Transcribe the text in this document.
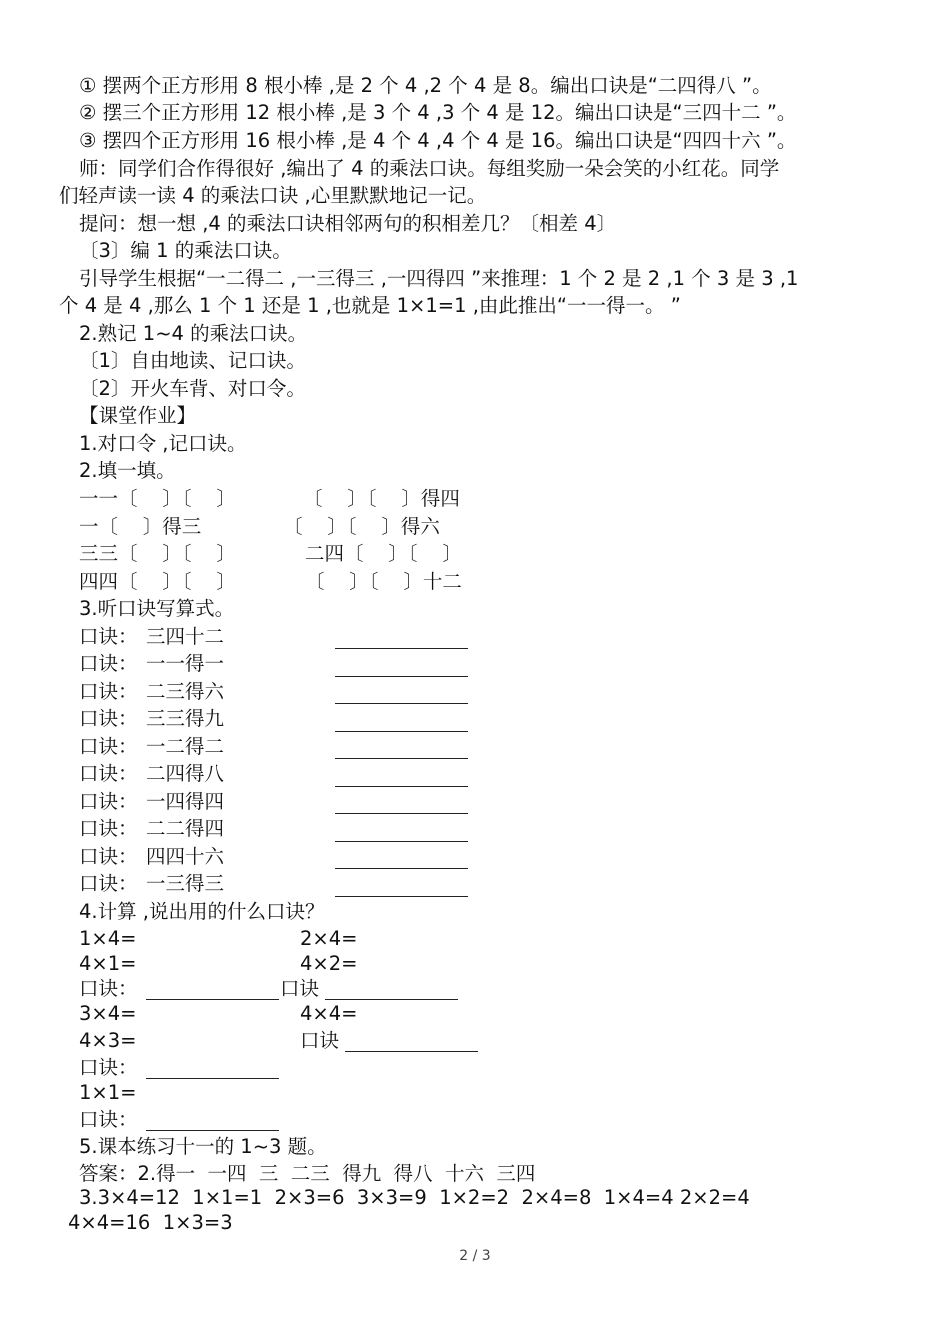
① 摆两个正方形用 8 根小棒 ,是 2 个 4 ,2 个 4 是 8。编出口诀是“二四得八 ”。
② 摆三个正方形用 12 根小棒 ,是 3 个 4 ,3 个 4 是 12。编出口诀是“三四十二 ”。
③ 摆四个正方形用 16 根小棒 ,是 4 个 4 ,4 个 4 是 16。编出口诀是“四四十六 ”。
师：同学们合作得很好 ,编出了 4 的乘法口诀。每组奖励一朵会笑的小红花。同学
们轻声读一读 4 的乘法口诀 ,心里默默地记一记。
提问：想一想 ,4 的乘法口诀相邻两句的积相差几？〔相差 4〕
〔3〕编 1 的乘法口诀。
引导学生根据“一二得二 ,一三得三 ,一四得四 ”来推理：1 个 2 是 2 ,1 个 3 是 3 ,1
个 4 是 4 ,那么 1 个 1 还是 1 ,也就是 1×1=1 ,由此推出“一一得一。 ”
2.熟记 1~4 的乘法口诀。
〔1〕自由地读、记口诀。
〔2〕开火车背、对口令。
【课堂作业】
1.对口令 ,记口诀。
2.填一填。
一一〔    〕〔    〕	〔    〕〔    〕得四
一〔    〕得三	〔    〕〔    〕得六
三三〔    〕〔    〕	二四〔    〕〔    〕
四四〔    〕〔    〕	〔    〕〔    〕十二
3.听口诀写算式。
口诀： 三四十二
口诀： 一一得一
口诀： 二三得六
口诀： 三三得九
口诀： 一二得二
口诀： 二四得八
口诀： 一四得四
口诀： 二二得四
口诀： 四四十六
口诀： 一三得三
4.计算 ,说出用的什么口诀？
1×4=	2×4=
4×1=	4×2=
口诀：	口诀
3×4=	4×4=
4×3=	口诀
口诀：
1×1=
口诀：
5.课本练习十一的 1~3 题。
答案：2.得一  一四  三  二三  得九  得八  十六  三四
3.3×4=12  1×1=1  2×3=6  3×3=9  1×2=2  2×4=8  1×4=4 2×2=4
4×4=16  1×3=3
2 / 3
